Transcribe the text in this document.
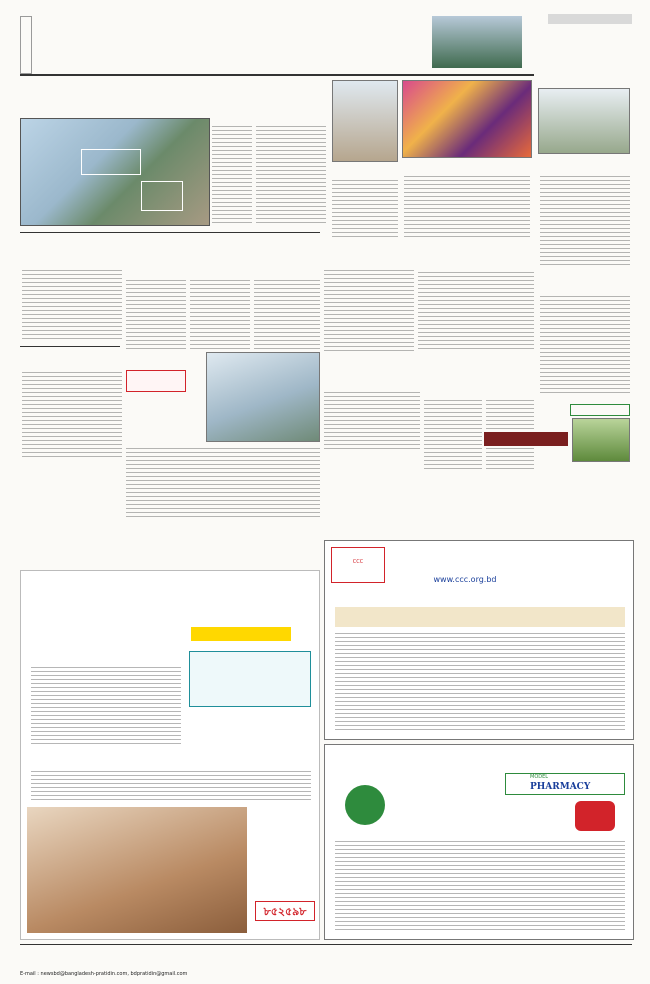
৮৫২৫৯৮
CCC
www.ccc.org.bd
MODEL
PHARMACY
E-mail : newsbd@bangladesh-pratidin.com, bdpratidin@gmail.com
